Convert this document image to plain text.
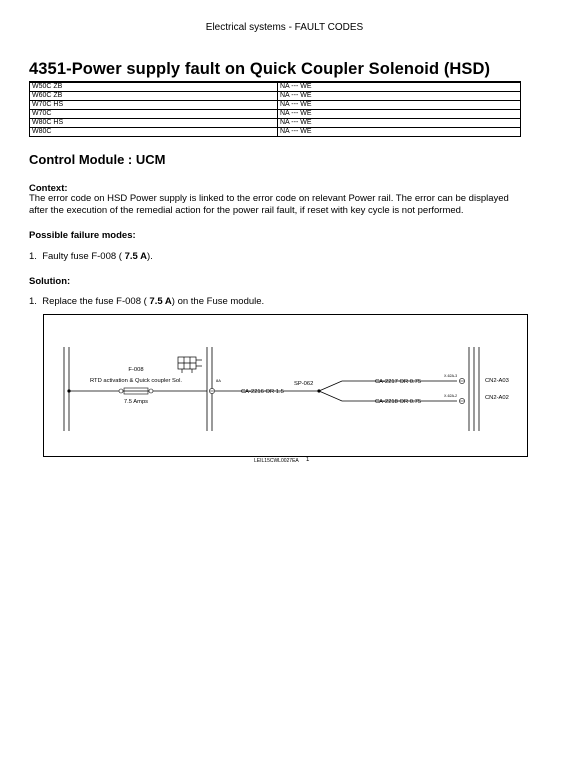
Electrical systems - FAULT CODES
4351-Power supply fault on Quick Coupler Solenoid (HSD)
W50C ZB	NA --- WE
W60C ZB	NA --- WE
W70C HS	NA --- WE
W70C	NA --- WE
W80C HS	NA --- WE
W80C	NA --- WE
Control Module : UCM
Context:
The error code on HSD Power supply is linked to the error code on relevant Power rail. The error can be displayed after the execution of the remedial action for the power rail fault, if reset with key cycle is not performed.
Possible failure modes:
1. Faulty fuse F-008 ( 7.5 A).
Solution:
1. Replace the fuse F-008 ( 7.5 A) on the Fuse module.
F-008
RTD activation & Quick coupler Sol.
7.5 Amps
8A
CA-2216 OR 1.5
SP-062	CA-2217 OR 0.75
CA-2218 OR 0.75
X-62A-3
X-62A-2
CN2-A03
CN2-A02
LEIL15CWL0027EA 1
